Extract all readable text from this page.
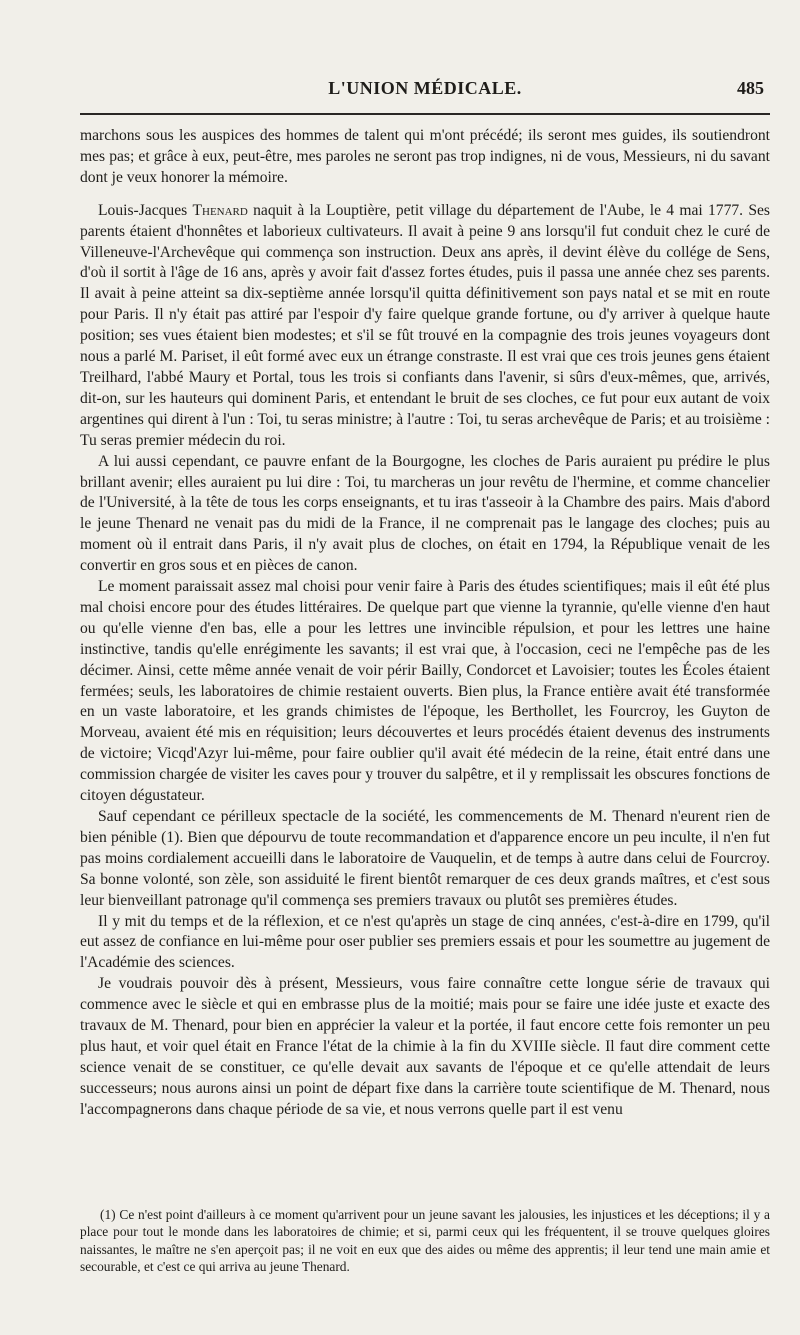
L'UNION MÉDICALE.	485

marchons sous les auspices des hommes de talent qui m'ont précédé; ils seront mes guides, ils soutiendront mes pas; et grâce à eux, peut-être, mes paroles ne seront pas trop indignes, ni de vous, Messieurs, ni du savant dont je veux honorer la mémoire.

Louis-Jacques Thenard naquit à la Louptière, petit village du département de l'Aube, le 4 mai 1777. Ses parents étaient d'honnêtes et laborieux cultivateurs. Il avait à peine 9 ans lorsqu'il fut conduit chez le curé de Villeneuve-l'Archevêque qui commença son instruction. Deux ans après, il devint élève du collége de Sens, d'où il sortit à l'âge de 16 ans, après y avoir fait d'assez fortes études, puis il passa une année chez ses parents. Il avait à peine atteint sa dix-septième année lorsqu'il quitta définitivement son pays natal et se mit en route pour Paris. Il n'y était pas attiré par l'espoir d'y faire quelque grande fortune, ou d'y arriver à quelque haute position; ses vues étaient bien modestes; et s'il se fût trouvé en la compagnie des trois jeunes voyageurs dont nous a parlé M. Pariset, il eût formé avec eux un étrange constraste. Il est vrai que ces trois jeunes gens étaient Treilhard, l'abbé Maury et Portal, tous les trois si confiants dans l'avenir, si sûrs d'eux-mêmes, que, arrivés, dit-on, sur les hauteurs qui dominent Paris, et entendant le bruit de ses cloches, ce fut pour eux autant de voix argentines qui dirent à l'un : Toi, tu seras ministre; à l'autre : Toi, tu seras archevêque de Paris; et au troisième : Tu seras premier médecin du roi.

A lui aussi cependant, ce pauvre enfant de la Bourgogne, les cloches de Paris auraient pu prédire le plus brillant avenir; elles auraient pu lui dire : Toi, tu marcheras un jour revêtu de l'hermine, et comme chancelier de l'Université, à la tête de tous les corps enseignants, et tu iras t'asseoir à la Chambre des pairs. Mais d'abord le jeune Thenard ne venait pas du midi de la France, il ne comprenait pas le langage des cloches; puis au moment où il entrait dans Paris, il n'y avait plus de cloches, on était en 1794, la République venait de les convertir en gros sous et en pièces de canon.

Le moment paraissait assez mal choisi pour venir faire à Paris des études scientifiques; mais il eût été plus mal choisi encore pour des études littéraires. De quelque part que vienne la tyrannie, qu'elle vienne d'en haut ou qu'elle vienne d'en bas, elle a pour les lettres une invincible répulsion, et pour les lettres une haine instinctive, tandis qu'elle enrégimente les savants; il est vrai que, à l'occasion, ceci ne l'empêche pas de les décimer. Ainsi, cette même année venait de voir périr Bailly, Condorcet et Lavoisier; toutes les Écoles étaient fermées; seuls, les laboratoires de chimie restaient ouverts. Bien plus, la France entière avait été transformée en un vaste laboratoire, et les grands chimistes de l'époque, les Berthollet, les Fourcroy, les Guyton de Morveau, avaient été mis en réquisition; leurs découvertes et leurs procédés étaient devenus des instruments de victoire; Vicqd'Azyr lui-même, pour faire oublier qu'il avait été médecin de la reine, était entré dans une commission chargée de visiter les caves pour y trouver du salpêtre, et il y remplissait les obscures fonctions de citoyen dégustateur.

Sauf cependant ce périlleux spectacle de la société, les commencements de M. Thenard n'eurent rien de bien pénible (1). Bien que dépourvu de toute recommandation et d'apparence encore un peu inculte, il n'en fut pas moins cordialement accueilli dans le laboratoire de Vauquelin, et de temps à autre dans celui de Fourcroy. Sa bonne volonté, son zèle, son assiduité le firent bientôt remarquer de ces deux grands maîtres, et c'est sous leur bienveillant patronage qu'il commença ses premiers travaux ou plutôt ses premières études.

Il y mit du temps et de la réflexion, et ce n'est qu'après un stage de cinq années, c'est-à-dire en 1799, qu'il eut assez de confiance en lui-même pour oser publier ses premiers essais et pour les soumettre au jugement de l'Académie des sciences.

Je voudrais pouvoir dès à présent, Messieurs, vous faire connaître cette longue série de travaux qui commence avec le siècle et qui en embrasse plus de la moitié; mais pour se faire une idée juste et exacte des travaux de M. Thenard, pour bien en apprécier la valeur et la portée, il faut encore cette fois remonter un peu plus haut, et voir quel était en France l'état de la chimie à la fin du XVIIIe siècle. Il faut dire comment cette science venait de se constituer, ce qu'elle devait aux savants de l'époque et ce qu'elle attendait de leurs successeurs; nous aurons ainsi un point de départ fixe dans la carrière toute scientifique de M. Thenard, nous l'accompagnerons dans chaque période de sa vie, et nous verrons quelle part il est venu

(1) Ce n'est point d'ailleurs à ce moment qu'arrivent pour un jeune savant les jalousies, les injustices et les déceptions; il y a place pour tout le monde dans les laboratoires de chimie; et si, parmi ceux qui les fréquentent, il se trouve quelques gloires naissantes, le maître ne s'en aperçoit pas; il ne voit en eux que des aides ou même des apprentis; il leur tend une main amie et secourable, et c'est ce qui arriva au jeune Thenard.
